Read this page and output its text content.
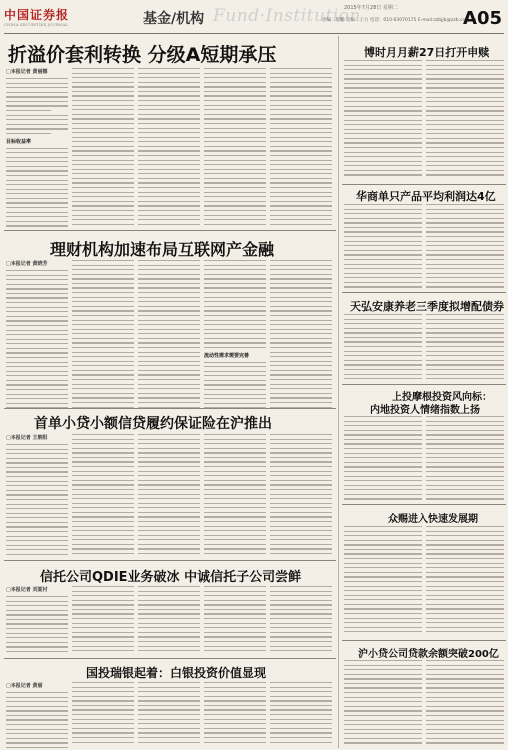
中国证券报
CHINA SECURITIES JOURNAL	基金/机构 Fund·Institution
2015年7月28日 星期二
责编：殷鹏 美编：王力 电话：010-63070175 E-mail:zzbjjb@zzb.com.cn
A05
折溢价套利转换 分级A短期承压
□本报记者 黄丽娜
目标收益率
博时月月薪27日打开申赎
华商单只产品平均利润达4亿
天弘安康养老三季度拟增配债券
上投摩根投资风向标：
内地投资人情绪指数上扬
众赐进入快速发展期
沪小贷公司贷款余额突破200亿
理财机构加速布局互联网产金融
□本报记者 黄晓芳
流动性需求需要完善
首单小贷小额信贷履约保证险在沪推出
□本报记者 王朝阳
信托公司QDIE业务破冰 中诚信托子公司尝鲜
□本报记者 刘夏村
国投瑞银起着：白银投资价值显现
□本报记者 黄丽
